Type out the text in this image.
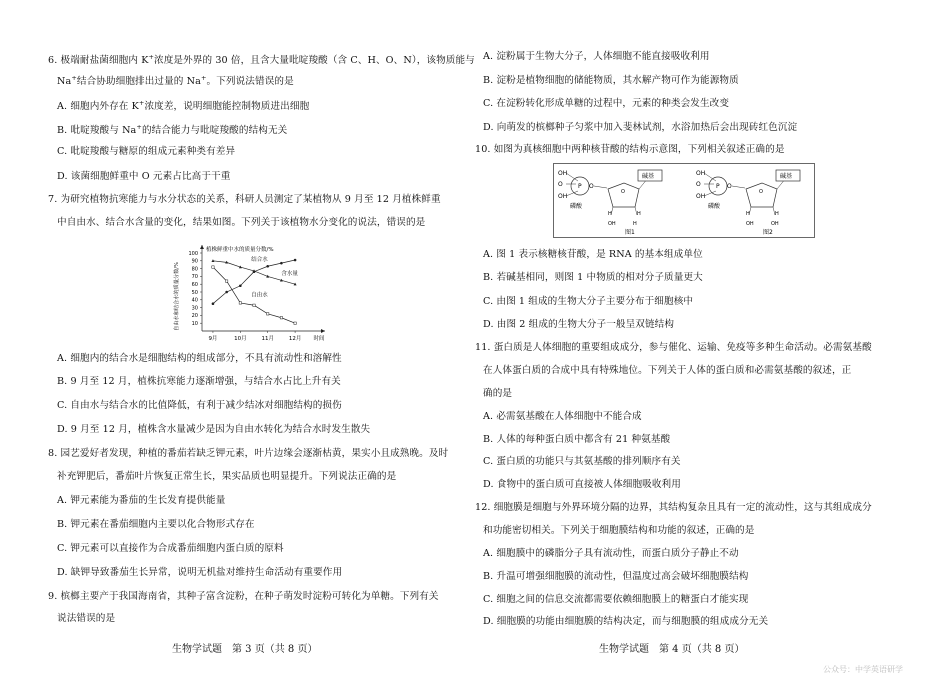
6. 极端耐盐菌细胞内 K+浓度是外界的 30 倍，且含大量吡啶羧酸（含 C、H、O、N），该物质能与
Na+结合协助细胞排出过量的 Na+。下列说法错误的是
A. 细胞内外存在 K+浓度差，说明细胞能控制物质进出细胞
B. 吡啶羧酸与 Na+的结合能力与吡啶羧酸的结构无关
C. 吡啶羧酸与糖原的组成元素种类有差异
D. 该菌细胞鲜重中 O 元素占比高于干重
7. 为研究植物抗寒能力与水分状态的关系，科研人员测定了某植物从 9 月至 12 月植株鲜重
中自由水、结合水含量的变化，结果如图。下列关于该植物水分变化的说法，错误的是
植株鲜重中水的质量分数/%
自由水和结合水的质量分数/% 10
20
30
40
50
60
70
80
90
100
9月	10月	11月	12月 时间
结合水
含水量
自由水
A. 细胞内的结合水是细胞结构的组成部分，不具有流动性和溶解性
B. 9 月至 12 月，植株抗寒能力逐渐增强，与结合水占比上升有关
C. 自由水与结合水的比值降低，有利于减少结冰对细胞结构的损伤
D. 9 月至 12 月，植株含水量减少是因为自由水转化为结合水时发生散失
8. 园艺爱好者发现，种植的番茄若缺乏钾元素，叶片边缘会逐渐枯黄，果实小且成熟晚。及时
补充钾肥后，番茄叶片恢复正常生长，果实品质也明显提升。下列说法正确的是
A. 钾元素能为番茄的生长发育提供能量
B. 钾元素在番茄细胞内主要以化合物形式存在
C. 钾元素可以直接作为合成番茄细胞内蛋白质的原料
D. 缺钾导致番茄生长异常，说明无机盐对维持生命活动有重要作用
9. 槟榔主要产于我国海南省，其种子富含淀粉，在种子萌发时淀粉可转化为单糖。下列有关
说法错误的是
生物学试题　第 3 页（共 8 页）
A. 淀粉属于生物大分子，人体细胞不能直接吸收利用
B. 淀粉是植物细胞的储能物质，其水解产物可作为能源物质
C. 在淀粉转化形成单糖的过程中，元素的种类会发生改变
D. 向萌发的槟榔种子匀浆中加入斐林试剂，水浴加热后会出现砖红色沉淀
10. 如图为真核细胞中两种核苷酸的结构示意图，下列相关叙述正确的是
OH
O
OH
P O
磷酸
O
碱基
H	H
OH	H
图1
OH
O
OH
P O
磷酸
O
碱基
H	H
OH	OH
图2
A. 图 1 表示核糖核苷酸，是 RNA 的基本组成单位
B. 若碱基相同，则图 1 中物质的相对分子质量更大
C. 由图 1 组成的生物大分子主要分布于细胞核中
D. 由图 2 组成的生物大分子一般呈双链结构
11. 蛋白质是人体细胞的重要组成成分，参与催化、运输、免疫等多种生命活动。必需氨基酸
在人体蛋白质的合成中具有特殊地位。下列关于人体的蛋白质和必需氨基酸的叙述，正
确的是
A. 必需氨基酸在人体细胞中不能合成
B. 人体的每种蛋白质中都含有 21 种氨基酸
C. 蛋白质的功能只与其氨基酸的排列顺序有关
D. 食物中的蛋白质可直接被人体细胞吸收利用
12. 细胞膜是细胞与外界环境分隔的边界，其结构复杂且具有一定的流动性，这与其组成成分
和功能密切相关。下列关于细胞膜结构和功能的叙述，正确的是
A. 细胞膜中的磷脂分子具有流动性，而蛋白质分子静止不动
B. 升温可增强细胞膜的流动性，但温度过高会破坏细胞膜结构
C. 细胞之间的信息交流都需要依赖细胞膜上的糖蛋白才能实现
D. 细胞膜的功能由细胞膜的结构决定，而与细胞膜的组成成分无关
生物学试题　第 4 页（共 8 页）
公众号：中学英语研学
